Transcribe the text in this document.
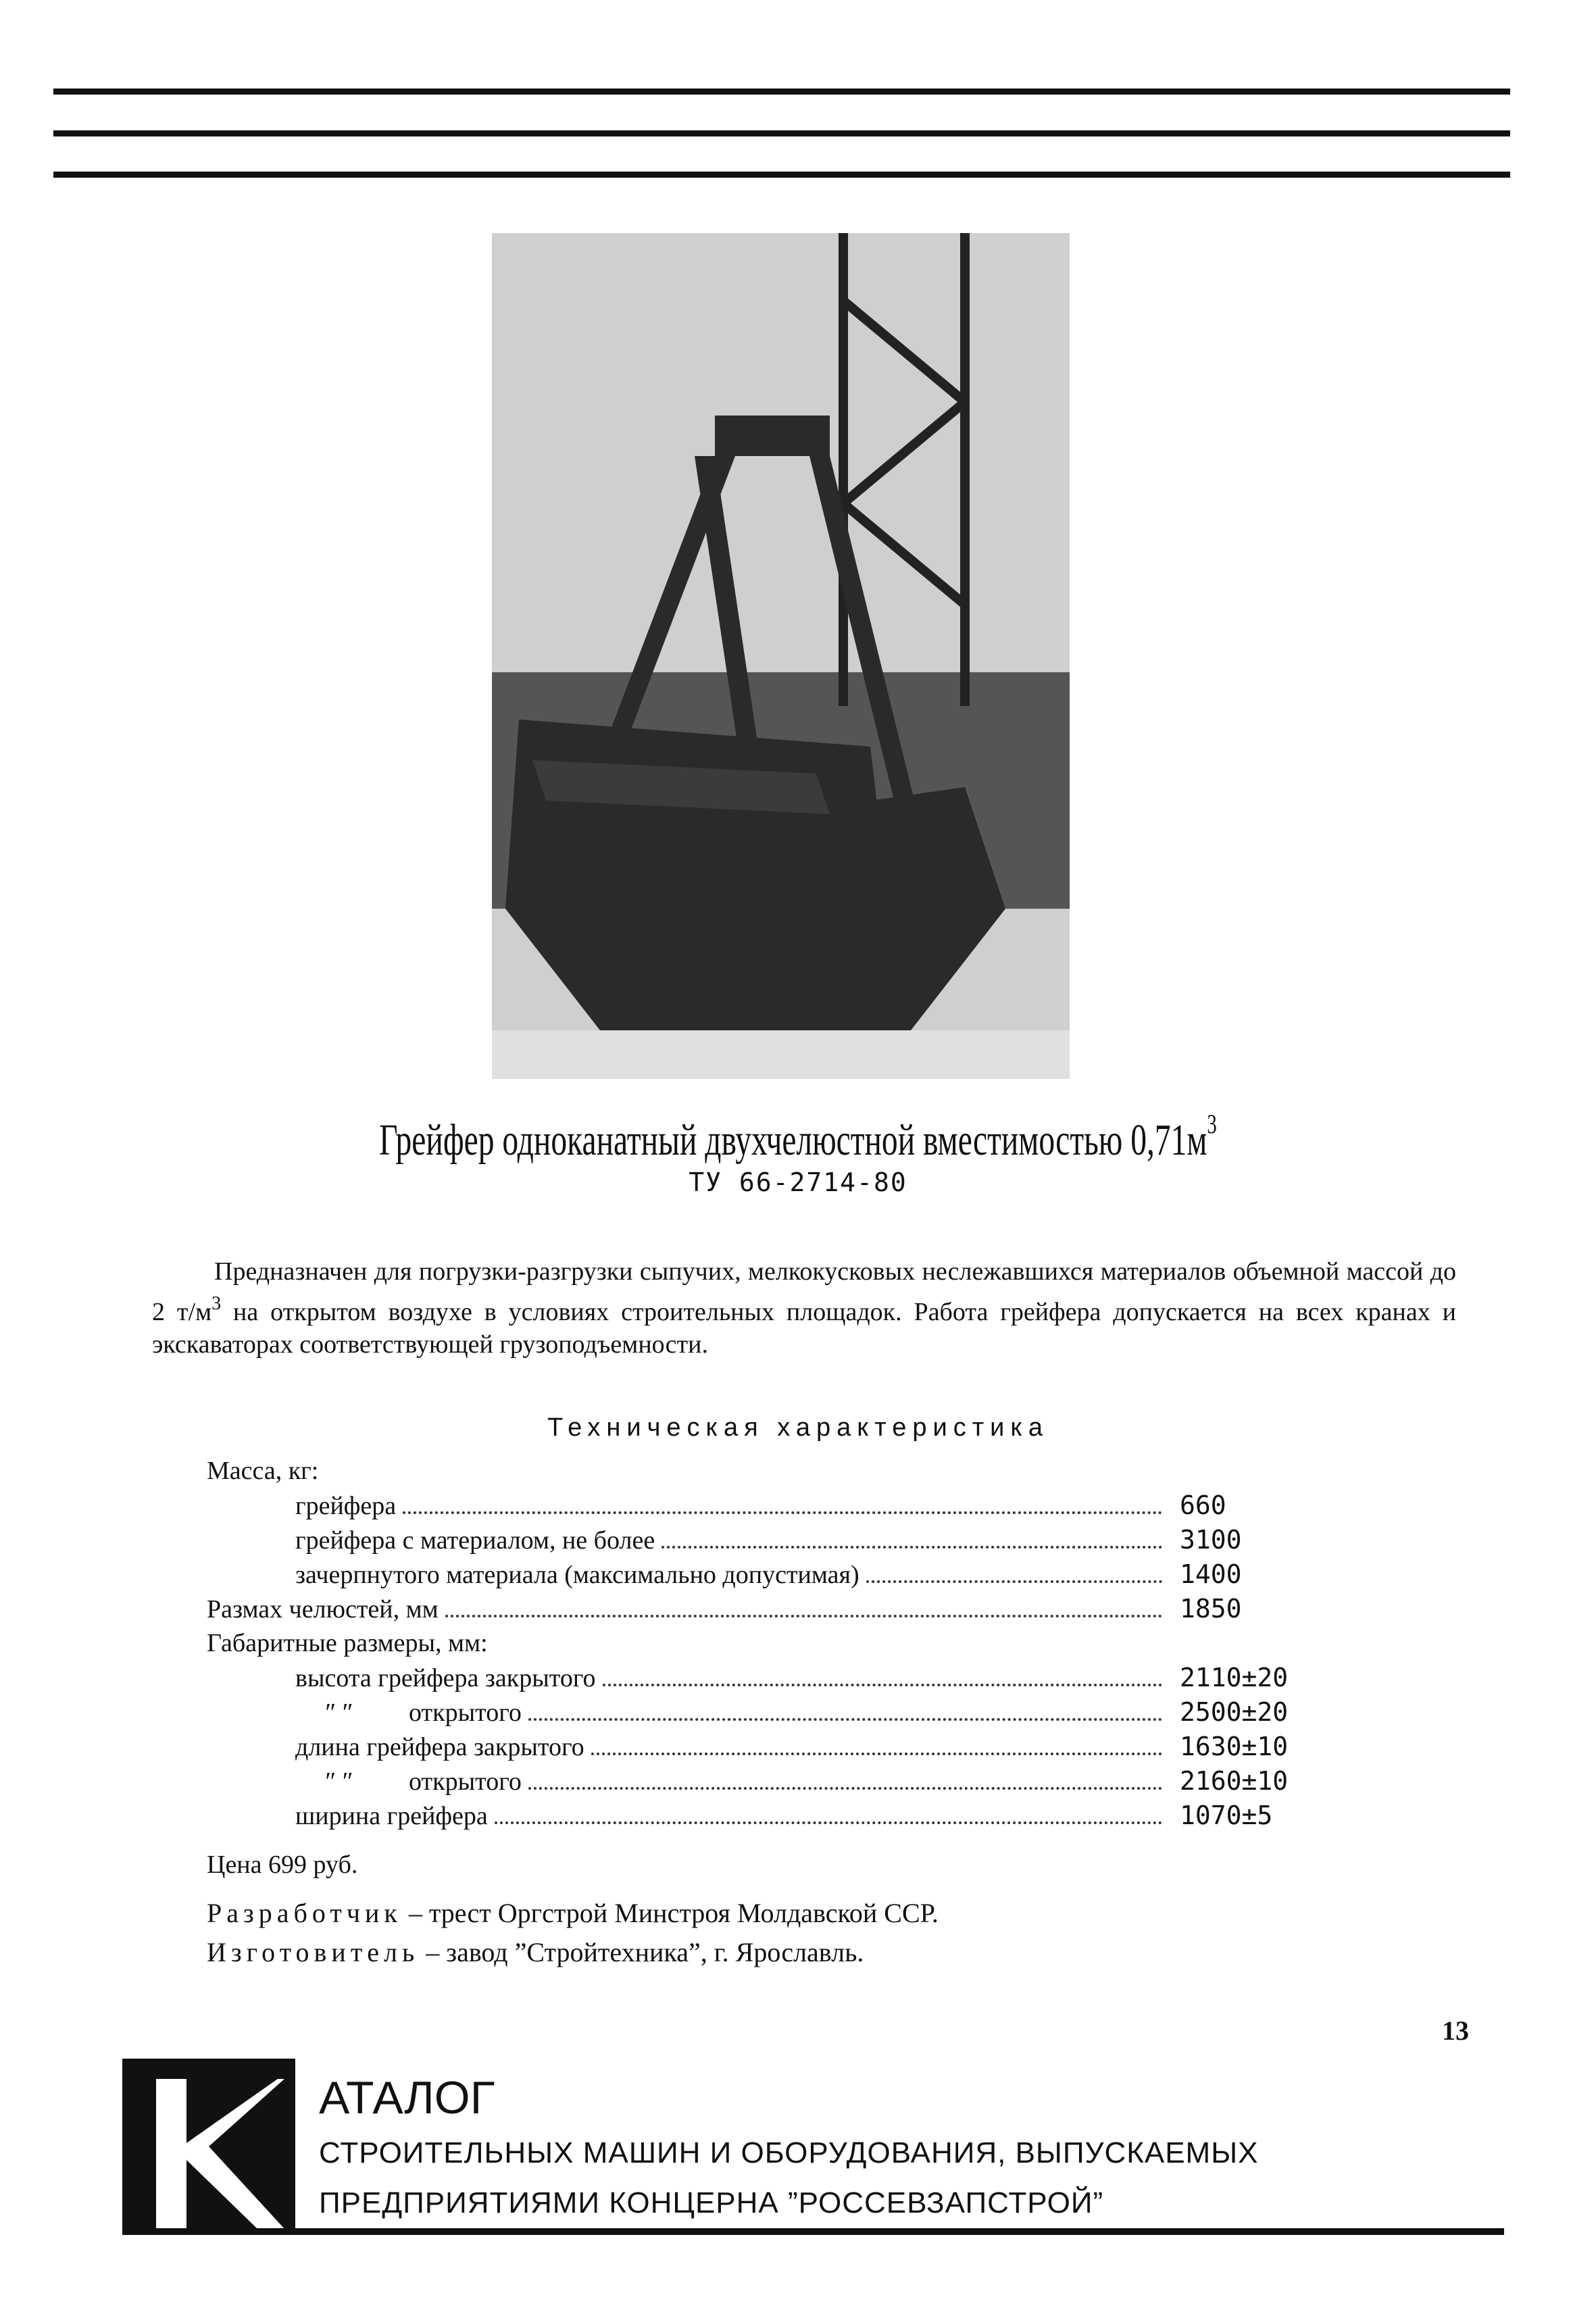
Грейфер одноканатный двухчелюстной вместимостью $0,71м^3$
ТУ 66-2714-80
Предназначен для погрузки-разгрузки сыпучих, мелкокусковых неслежавшихся материалов объемной массой до 2 $т/м^3$ на открытом воздухе в условиях строительных площадок. Работа грейфера допускается на всех кранах и экскаваторах соответствующей грузоподъемности.
Техническая характеристика
Масса, кг:
грейфера	660
грейфера с материалом, не более	3100
зачерпнутого материала (максимально допустимая)	1400
Размах челюстей, мм	1850
Габаритные размеры, мм:
высота грейфера закрытого	2110±20
″ ″ открытого	2500±20
длина грейфера закрытого	1630±10
″ ″ открытого	2160±10
ширина грейфера	1070±5
Цена 699 руб.
Разработчик – трест Оргстрой Минстроя Молдавской ССР.
Изготовитель – завод ”Стройтехника”, г. Ярославль.
13
АТАЛОГ
СТРОИТЕЛЬНЫХ МАШИН И ОБОРУДОВАНИЯ, ВЫПУСКАЕМЫХ
ПРЕДПРИЯТИЯМИ КОНЦЕРНА ”РОССЕВЗАПСТРОЙ”
